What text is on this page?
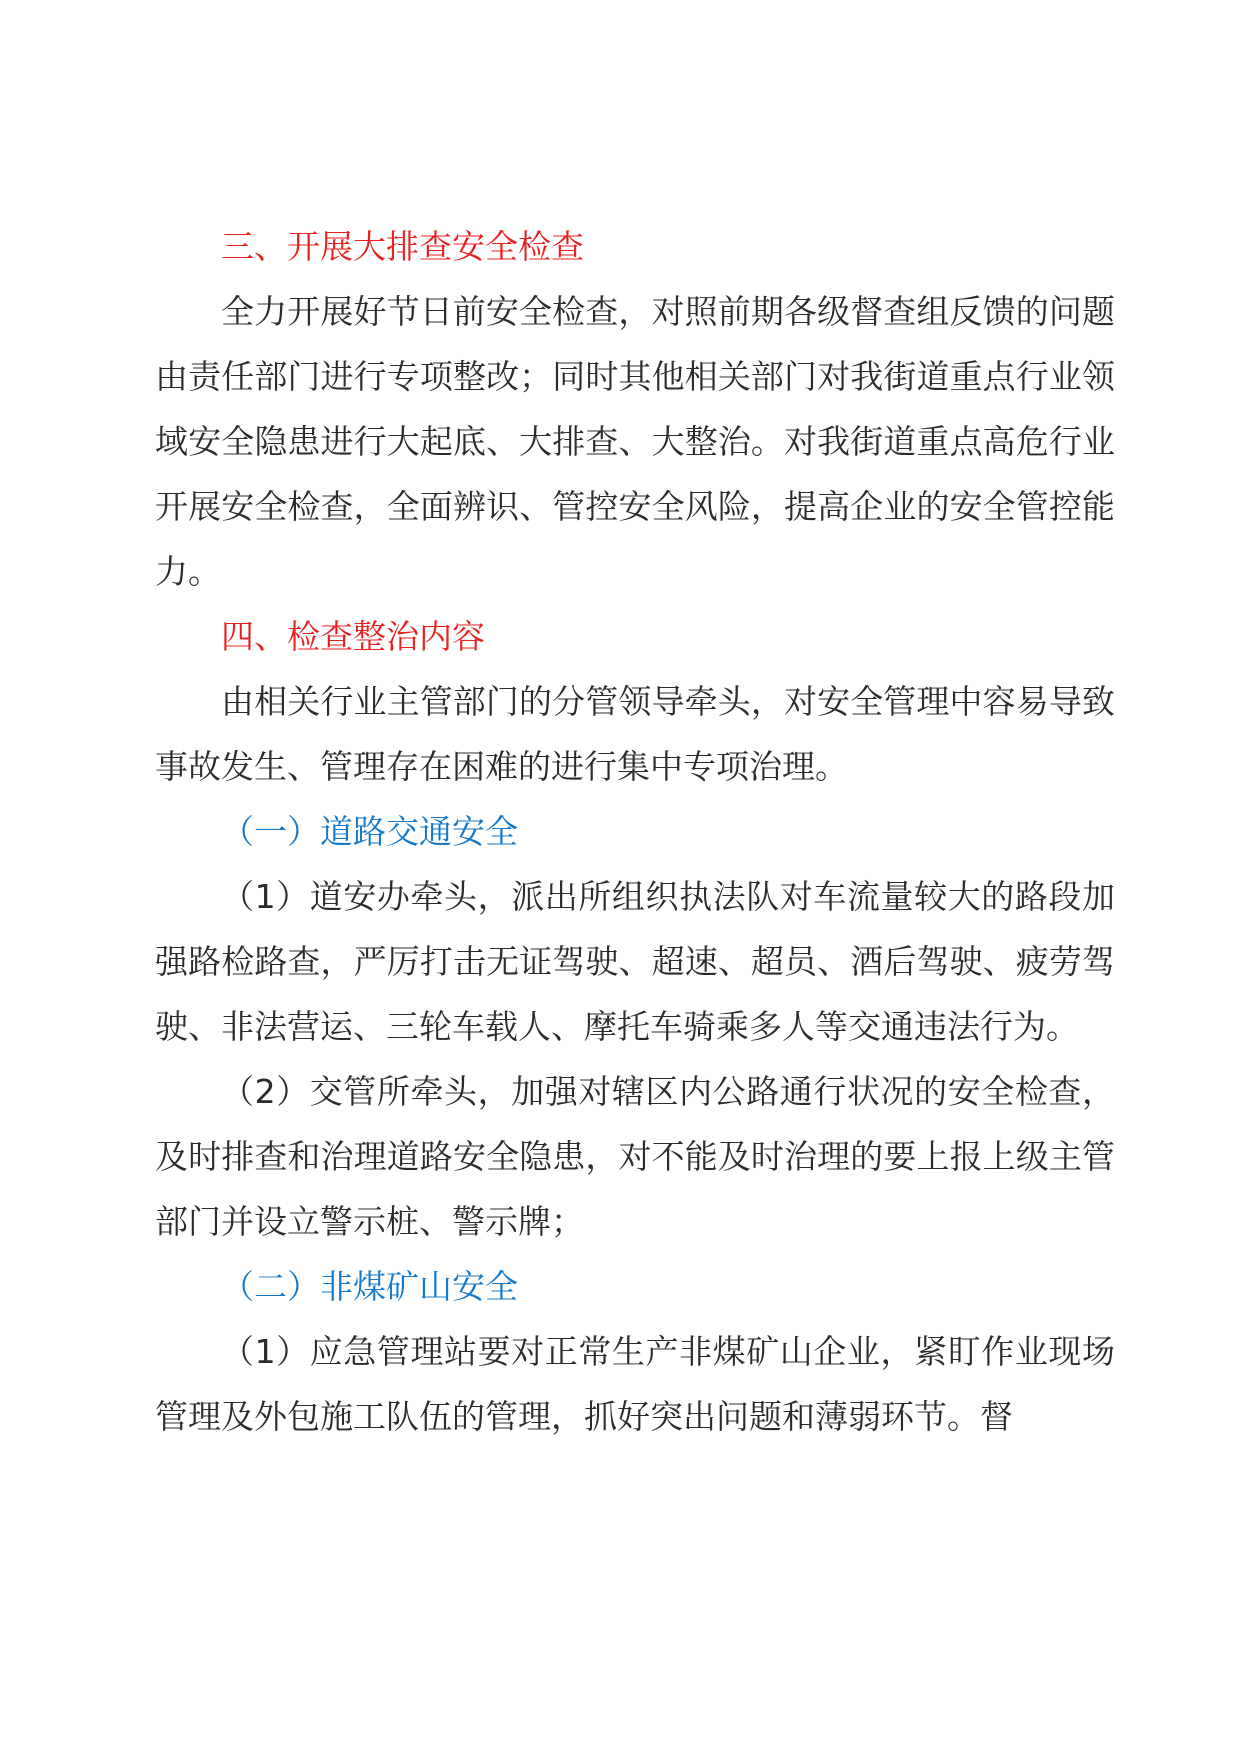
三、开展大排查安全检查

全力开展好节日前安全检查，对照前期各级督查组反馈的问题由责任部门进行专项整改；同时其他相关部门对我街道重点行业领域安全隐患进行大起底、大排查、大整治。对我街道重点高危行业开展安全检查，全面辨识、管控安全风险，提高企业的安全管控能力。

四、检查整治内容

由相关行业主管部门的分管领导牵头，对安全管理中容易导致事故发生、管理存在困难的进行集中专项治理。

（一）道路交通安全

（1）道安办牵头，派出所组织执法队对车流量较大的路段加强路检路查，严厉打击无证驾驶、超速、超员、酒后驾驶、疲劳驾驶、非法营运、三轮车载人、摩托车骑乘多人等交通违法行为。

（2）交管所牵头，加强对辖区内公路通行状况的安全检查，及时排查和治理道路安全隐患，对不能及时治理的要上报上级主管部门并设立警示桩、警示牌；

（二）非煤矿山安全

（1）应急管理站要对正常生产非煤矿山企业，紧盯作业现场管理及外包施工队伍的管理，抓好突出问题和薄弱环节。督
